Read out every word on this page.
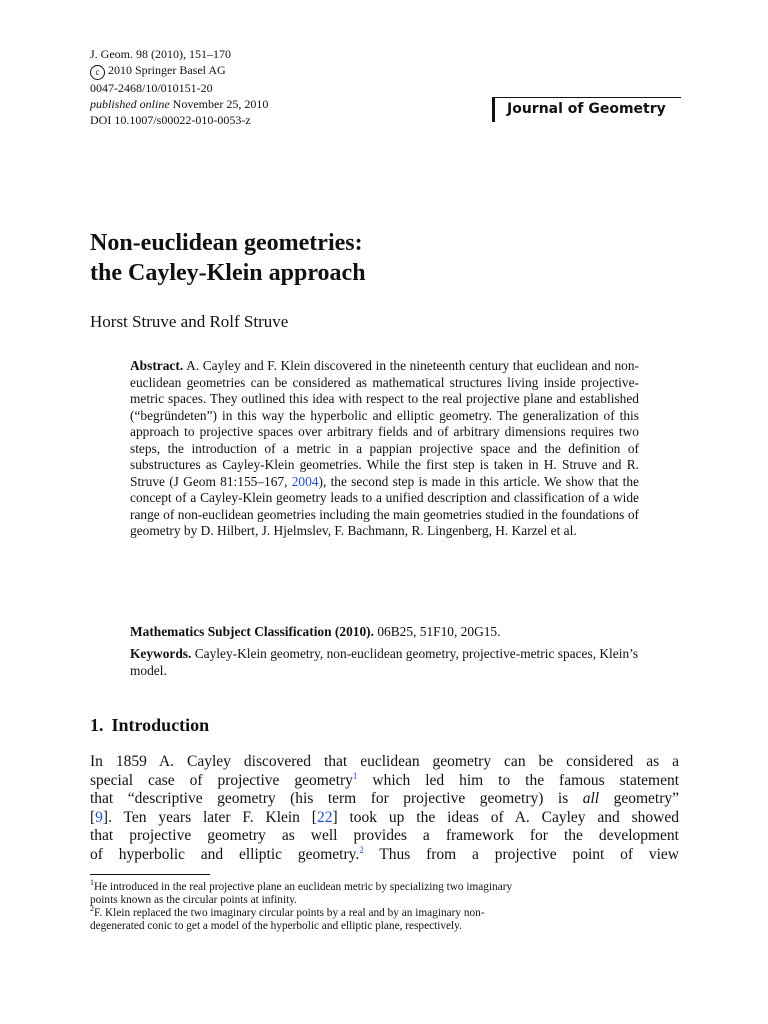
J. Geom. 98 (2010), 151–170
c 2010 Springer Basel AG
0047-2468/10/010151-20
published online November 25, 2010
DOI 10.1007/s00022-010-0053-z
Journal of Geometry
Non-euclidean geometries:
the Cayley-Klein approach
Horst Struve and Rolf Struve
Abstract. A. Cayley and F. Klein discovered in the nineteenth century that euclidean and non-euclidean geometries can be considered as mathematical structures living inside projective-metric spaces. They outlined this idea with respect to the real projective plane and established (“begründeten”) in this way the hyperbolic and elliptic geometry. The generalization of this approach to projective spaces over arbitrary fields and of arbitrary dimensions requires two steps, the introduction of a metric in a pappian projective space and the definition of substructures as Cayley-Klein geometries. While the first step is taken in H. Struve and R. Struve (J Geom 81:155–167, 2004), the second step is made in this article. We show that the concept of a Cayley-Klein geometry leads to a unified description and classification of a wide range of non-euclidean geometries including the main geometries studied in the foundations of geometry by D. Hilbert, J. Hjelmslev, F. Bachmann, R. Lingenberg, H. Karzel et al.
Mathematics Subject Classification (2010). 06B25, 51F10, 20G15.
Keywords. Cayley-Klein geometry, non-euclidean geometry, projective-metric spaces, Klein’s model.
1. Introduction
In 1859 A. Cayley discovered that euclidean geometry can be considered as a
special case of projective geometry$^1$ which led him to the famous statement
that “descriptive geometry (his term for projective geometry) is all geometry”
[9]. Ten years later F. Klein [22] took up the ideas of A. Cayley and showed
that projective geometry as well provides a framework for the development
of hyperbolic and elliptic geometry.$^2$ Thus from a projective point of view
$^1$He introduced in the real projective plane an euclidean metric by specializing two imaginary
points known as the circular points at infinity.
$^2$F. Klein replaced the two imaginary circular points by a real and by an imaginary non-
degenerated conic to get a model of the hyperbolic and elliptic plane, respectively.
